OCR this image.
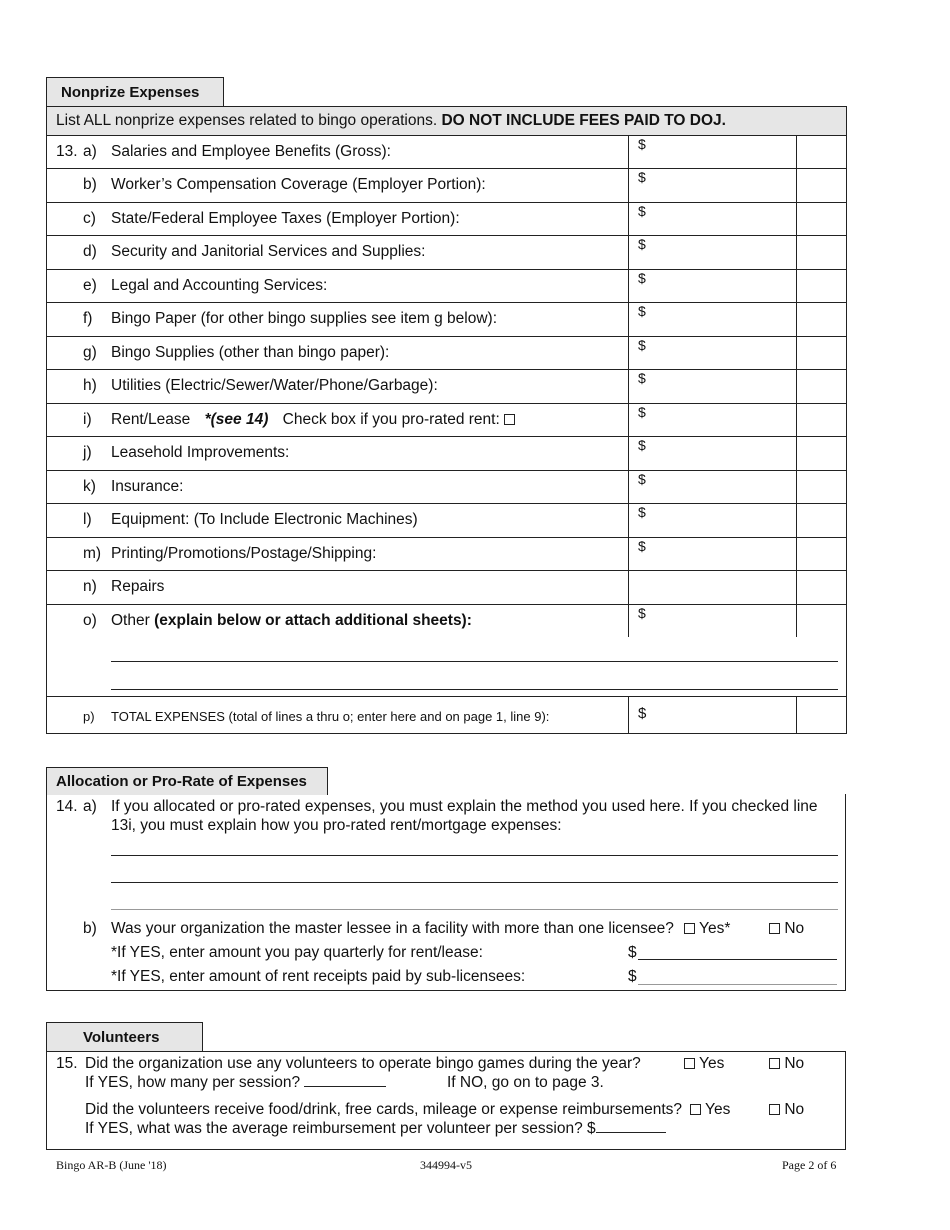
Nonprize Expenses
List ALL nonprize expenses related to bingo operations. DO NOT INCLUDE FEES PAID TO DOJ.
13. a) Salaries and Employee Benefits (Gross):	$
b) Worker’s Compensation Coverage (Employer Portion):	$
c) State/Federal Employee Taxes (Employer Portion):	$
d) Security and Janitorial Services and Supplies:	$
e) Legal and Accounting Services:	$
f) Bingo Paper (for other bingo supplies see item g below):	$
g) Bingo Supplies (other than bingo paper):	$
h) Utilities (Electric/Sewer/Water/Phone/Garbage):	$
i) Rent/Lease *(see 14) Check box if you pro-rated rent:	$
j) Leasehold Improvements:	$
k) Insurance:	$
l) Equipment: (To Include Electronic Machines)	$
m) Printing/Promotions/Postage/Shipping:	$
n) Repairs
o) Other (explain below or attach additional sheets):	$
p) TOTAL EXPENSES (total of lines a thru o; enter here and on page 1, line 9):	$
Allocation or Pro-Rate of Expenses
14. a) If you allocated or pro-rated expenses, you must explain the method you used here. If you checked line
13i, you must explain how you pro-rated rent/mortgage expenses:
b) Was your organization the master lessee in a facility with more than one licensee?	Yes*	No
*If YES, enter amount you pay quarterly for rent/lease:	$
*If YES, enter amount of rent receipts paid by sub-licensees:	$
Volunteers
15. Did the organization use any volunteers to operate bingo games during the year?	Yes	No
If YES, how many per session?	If NO, go on to page 3.
Did the volunteers receive food/drink, free cards, mileage or expense reimbursements?	Yes	No
If YES, what was the average reimbursement per volunteer per session? $
Bingo AR-B (June '18)	344994-v5	Page 2 of 6
